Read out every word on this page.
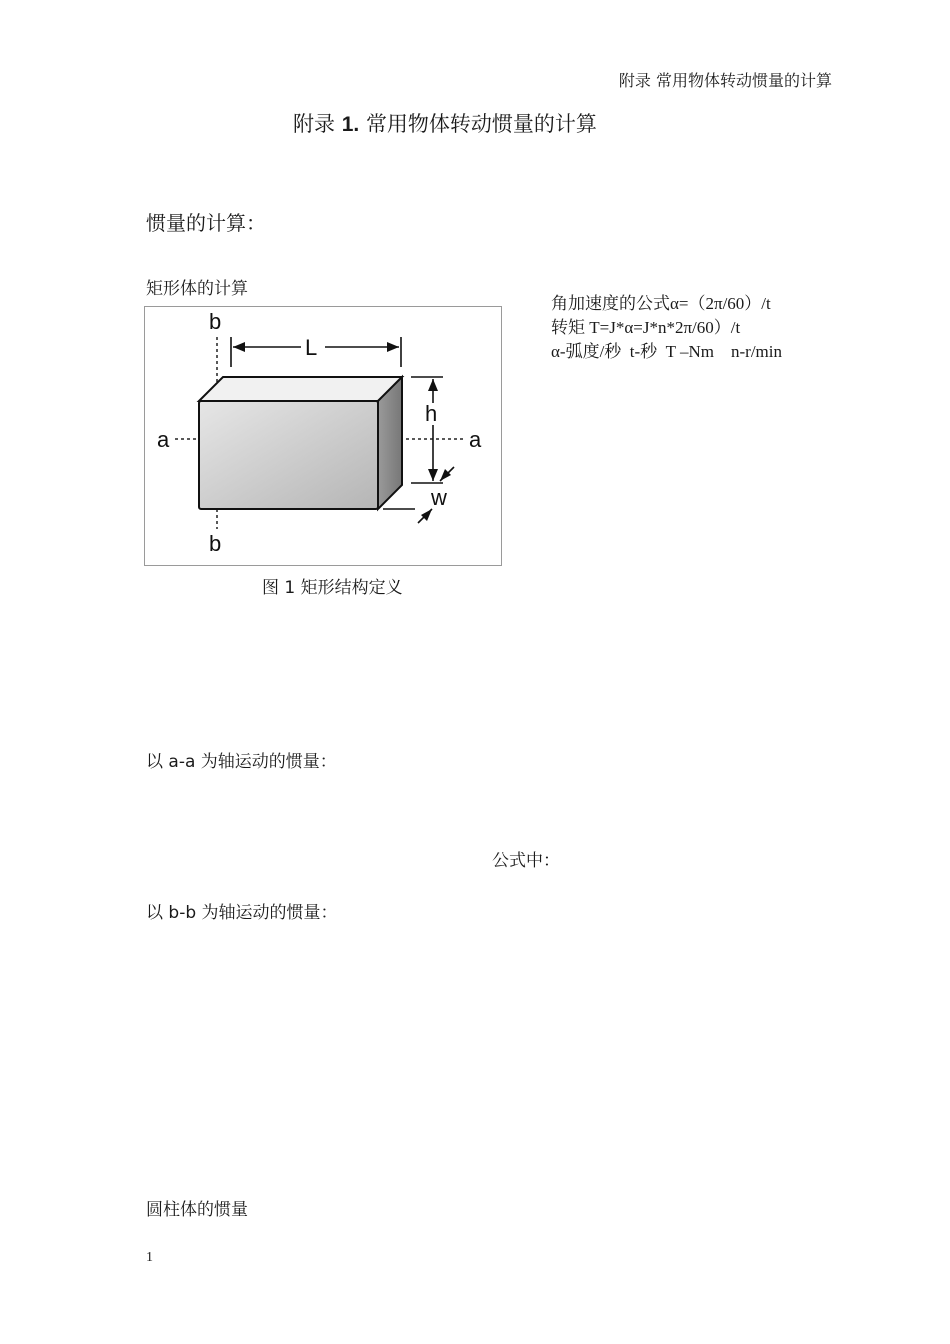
附录 常用物体转动惯量的计算
附录 1. 常用物体转动惯量的计算
惯量的计算：
矩形体的计算
角加速度的公式α=（2π/60）/t
转矩 T=J*α=J*n*2π/60）/t
α-弧度/秒  t-秒  T –Nm    n-r/min
b
b
a	a
L
h
w
图 1 矩形结构定义
以 a-a 为轴运动的惯量：
公式中：
以 b-b 为轴运动的惯量：
圆柱体的惯量
1
